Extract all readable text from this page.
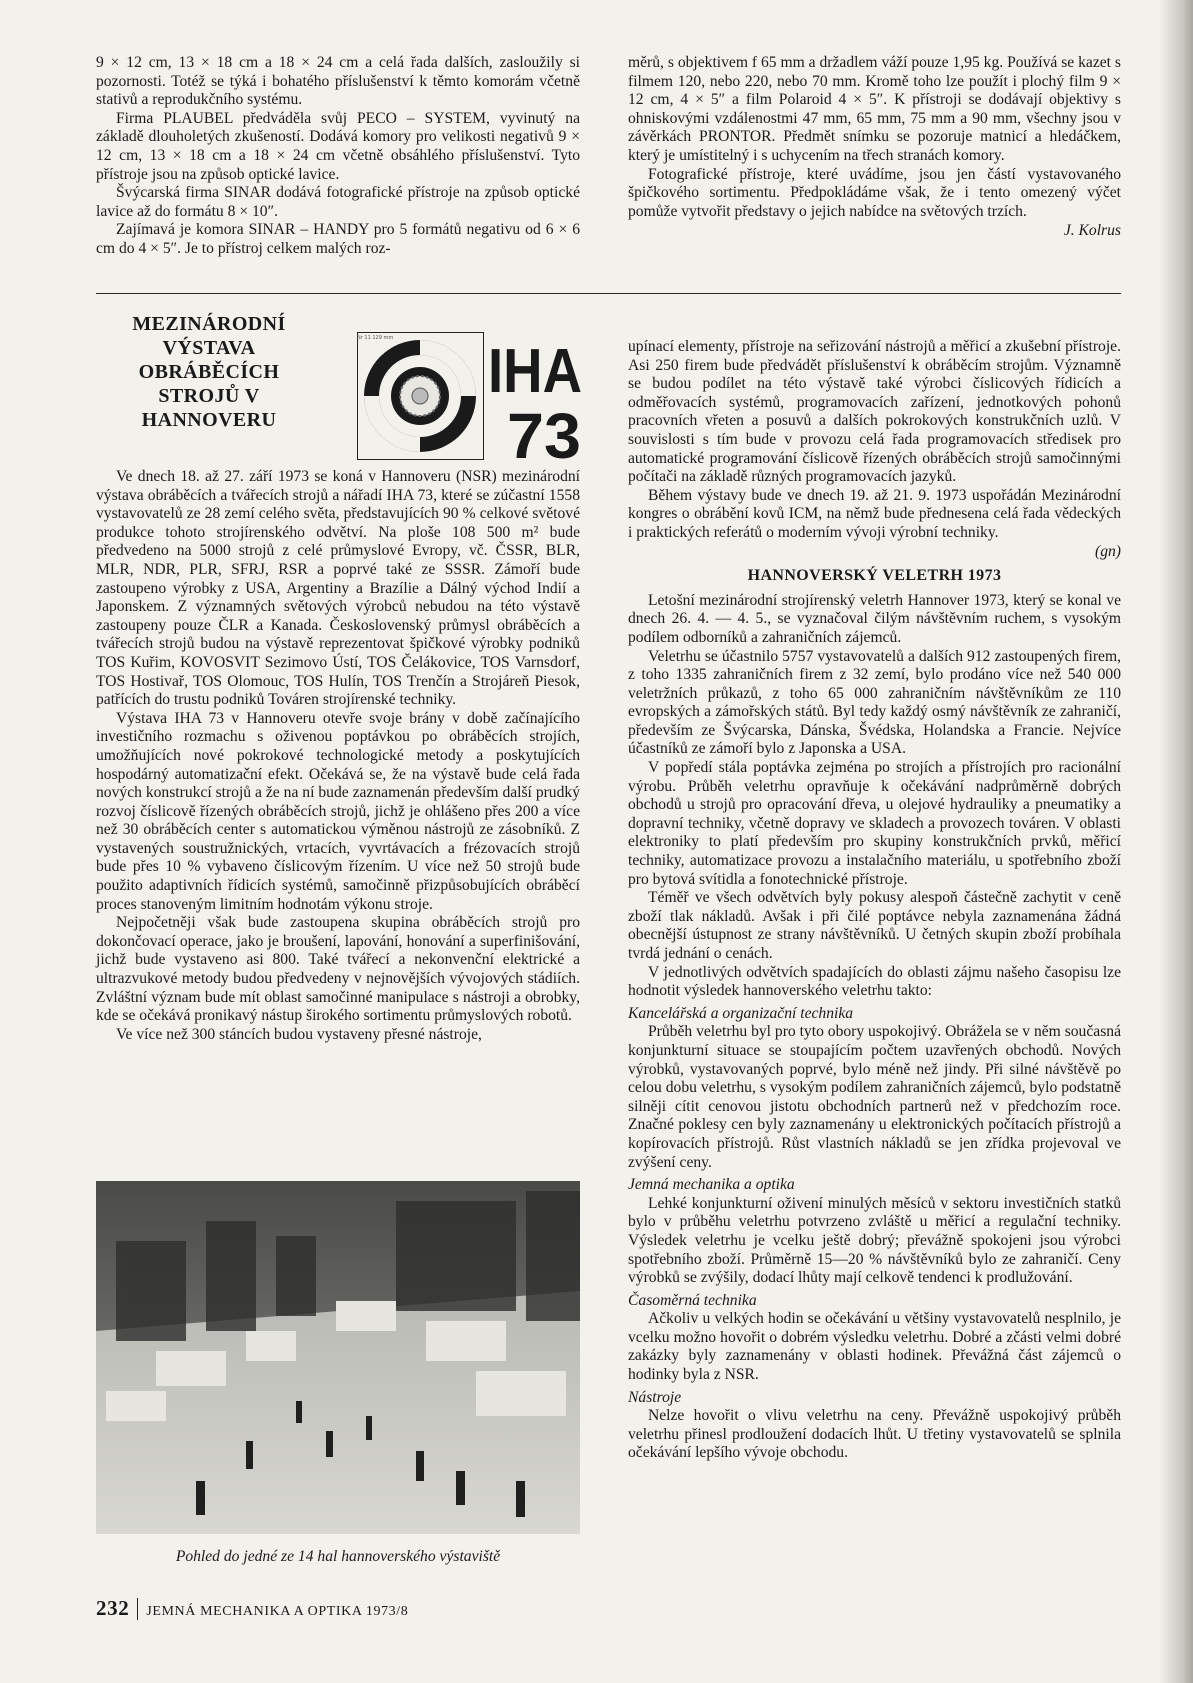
9 × 12 cm, 13 × 18 cm a 18 × 24 cm a celá řada dalších, zasloužily si pozornosti. Totéž se týká i bohatého příslušenství k těmto komorám včetně stativů a reprodukčního systému.

Firma PLAUBEL předváděla svůj PECO – SYSTEM, vyvinutý na základě dlouholetých zkušeností. Dodává komory pro velikosti negativů 9 × 12 cm, 13 × 18 cm a 18 × 24 cm včetně obsáhlého příslušenství. Tyto přístroje jsou na způsob optické lavice.

Švýcarská firma SINAR dodává fotografické přístroje na způsob optické lavice až do formátu 8 × 10″.

Zajímavá je komora SINAR – HANDY pro 5 formátů negativu od 6 × 6 cm do 4 × 5″. Je to přístroj celkem malých roz-

měrů, s objektivem f 65 mm a držadlem váží pouze 1,95 kg. Používá se kazet s filmem 120, nebo 220, nebo 70 mm. Kromě toho lze použít i plochý film 9 × 12 cm, 4 × 5″ a film Polaroid 4 × 5″. K přístroji se dodávají objektivy s ohniskovými vzdálenostmi 47 mm, 65 mm, 75 mm a 90 mm, všechny jsou v závěrkách PRONTOR. Předmět snímku se pozoruje matnicí a hledáčkem, který je umístitelný i s uchycením na třech stranách komory.

Fotografické přístroje, které uvádíme, jsou jen částí vystavovaného špičkového sortimentu. Předpokládáme však, že i tento omezený výčet pomůže vytvořit představy o jejich nabídce na světových trzích.

J. Kolrus
MEZINÁRODNÍ VÝSTAVA OBRÁBĚCÍCH STROJŮ V HANNOVERU
IHA
73
Nr 11 129 mm

Ve dnech 18. až 27. září 1973 se koná v Hannoveru (NSR) mezinárodní výstava obráběcích a tvářecích strojů a nářadí IHA 73, které se zúčastní 1558 vystavovatelů ze 28 zemí celého světa, představujících 90 % celkové světové produkce tohoto strojírenského odvětví. Na ploše 108 500 m² bude předvedeno na 5000 strojů z celé průmyslové Evropy, vč. ČSSR, BLR, MLR, NDR, PLR, SFRJ, RSR a poprvé také ze SSSR. Zámoří bude zastoupeno výrobky z USA, Argentiny a Brazílie a Dálný východ Indií a Japonskem. Z významných světových výrobců nebudou na této výstavě zastoupeny pouze ČLR a Kanada. Československý průmysl obráběcích a tvářecích strojů budou na výstavě reprezentovat špičkové výrobky podniků TOS Kuřim, KOVOSVIT Sezimovo Ústí, TOS Čelákovice, TOS Varnsdorf, TOS Hostivař, TOS Olomouc, TOS Hulín, TOS Trenčín a Strojáreň Piesok, patřících do trustu podniků Továren strojírenské techniky.

Výstava IHA 73 v Hannoveru otevře svoje brány v době začínajícího investičního rozmachu s oživenou poptávkou po obráběcích strojích, umožňujících nové pokrokové technologické metody a poskytujících hospodárný automatizační efekt. Očekává se, že na výstavě bude celá řada nových konstrukcí strojů a že na ní bude zaznamenán především další prudký rozvoj číslicově řízených obráběcích strojů, jichž je ohlášeno přes 200 a více než 30 obráběcích center s automatickou výměnou nástrojů ze zásobníků. Z vystavených soustružnických, vrtacích, vyvrtávacích a frézovacích strojů bude přes 10 % vybaveno číslicovým řízením. U více než 50 strojů bude použito adaptivních řídicích systémů, samočinně přizpůsobujících obráběcí proces stanoveným limitním hodnotám výkonu stroje.

Nejpočetněji však bude zastoupena skupina obráběcích strojů pro dokončovací operace, jako je broušení, lapování, honování a superfinišování, jichž bude vystaveno asi 800. Také tvářecí a nekonvenční elektrické a ultrazvukové metody budou předvedeny v nejnovějších vývojových stádiích. Zvláštní význam bude mít oblast samočinné manipulace s nástroji a obrobky, kde se očekává pronikavý nástup širokého sortimentu průmyslových robotů.

Ve více než 300 stáncích budou vystaveny přesné nástroje,

upínací elementy, přístroje na seřizování nástrojů a měřicí a zkušební přístroje. Asi 250 firem bude předvádět příslušenství k obráběcím strojům. Významně se budou podílet na této výstavě také výrobci číslicových řídicích a odměřovacích systémů, programovacích zařízení, jednotkových pohonů pracovních vřeten a posuvů a dalších pokrokových konstrukčních uzlů. V souvislosti s tím bude v provozu celá řada programovacích středisek pro automatické programování číslicově řízených obráběcích strojů samočinnými počítači na základě různých programovacích jazyků.

Během výstavy bude ve dnech 19. až 21. 9. 1973 uspořádán Mezinárodní kongres o obrábění kovů ICM, na němž bude přednesena celá řada vědeckých i praktických referátů o moderním vývoji výrobní techniky.

(gn)
HANNOVERSKÝ VELETRH 1973

Letošní mezinárodní strojírenský veletrh Hannover 1973, který se konal ve dnech 26. 4. — 4. 5., se vyznačoval čilým návštěvním ruchem, s vysokým podílem odborníků a zahraničních zájemců.

Veletrhu se účastnilo 5757 vystavovatelů a dalších 912 zastoupených firem, z toho 1335 zahraničních firem z 32 zemí, bylo prodáno více než 540 000 veletržních průkazů, z toho 65 000 zahraničním návštěvníkům ze 110 evropských a zámořských států. Byl tedy každý osmý návštěvník ze zahraničí, především ze Švýcarska, Dánska, Švédska, Holandska a Francie. Nejvíce účastníků ze zámoří bylo z Japonska a USA.

V popředí stála poptávka zejména po strojích a přístrojích pro racionální výrobu. Průběh veletrhu opravňuje k očekávání nadprůměrně dobrých obchodů u strojů pro opracování dřeva, u olejové hydrauliky a pneumatiky a dopravní techniky, včetně dopravy ve skladech a provozech továren. V oblasti elektroniky to platí především pro skupiny konstrukčních prvků, měřicí techniky, automatizace provozu a instalačního materiálu, u spotřebního zboží pro bytová svítidla a fonotechnické přístroje.

Téměř ve všech odvětvích byly pokusy alespoň částečně zachytit v ceně zboží tlak nákladů. Avšak i při čilé poptávce nebyla zaznamenána žádná obecnější ústupnost ze strany návštěvníků. U četných skupin zboží probíhala tvrdá jednání o cenách.

V jednotlivých odvětvích spadajících do oblasti zájmu našeho časopisu lze hodnotit výsledek hannoverského veletrhu takto:

Kancelářská a organizační technika

Průběh veletrhu byl pro tyto obory uspokojivý. Obrážela se v něm současná konjunkturní situace se stoupajícím počtem uzavřených obchodů. Nových výrobků, vystavovaných poprvé, bylo méně než jindy. Při silné návštěvě po celou dobu veletrhu, s vysokým podílem zahraničních zájemců, bylo podstatně silněji cítit cenovou jistotu obchodních partnerů než v předchozím roce. Značné poklesy cen byly zaznamenány u elektronických počítacích přístrojů a kopírovacích přístrojů. Růst vlastních nákladů se jen zřídka projevoval ve zvýšení ceny.

Jemná mechanika a optika

Lehké konjunkturní oživení minulých měsíců v sektoru investičních statků bylo v průběhu veletrhu potvrzeno zvláště u měřicí a regulační techniky. Výsledek veletrhu je vcelku ještě dobrý; převážně spokojeni jsou výrobci spotřebního zboží. Průměrně 15—20 % návštěvníků bylo ze zahraničí. Ceny výrobků se zvýšily, dodací lhůty mají celkově tendenci k prodlužování.

Časoměrná technika

Ačkoliv u velkých hodin se očekávání u většiny vystavovatelů nesplnilo, je vcelku možno hovořit o dobrém výsledku veletrhu. Dobré a zčásti velmi dobré zakázky byly zaznamenány v oblasti hodinek. Převážná část zájemců o hodinky byla z NSR.

Nástroje

Nelze hovořit o vlivu veletrhu na ceny. Převážně uspokojivý průběh veletrhu přinesl prodloužení dodacích lhůt. U třetiny vystavovatelů se splnila očekávání lepšího vývoje obchodu.

Pohled do jedné ze 14 hal hannoverského výstaviště
232 JEMNÁ MECHANIKA A OPTIKA 1973/8
